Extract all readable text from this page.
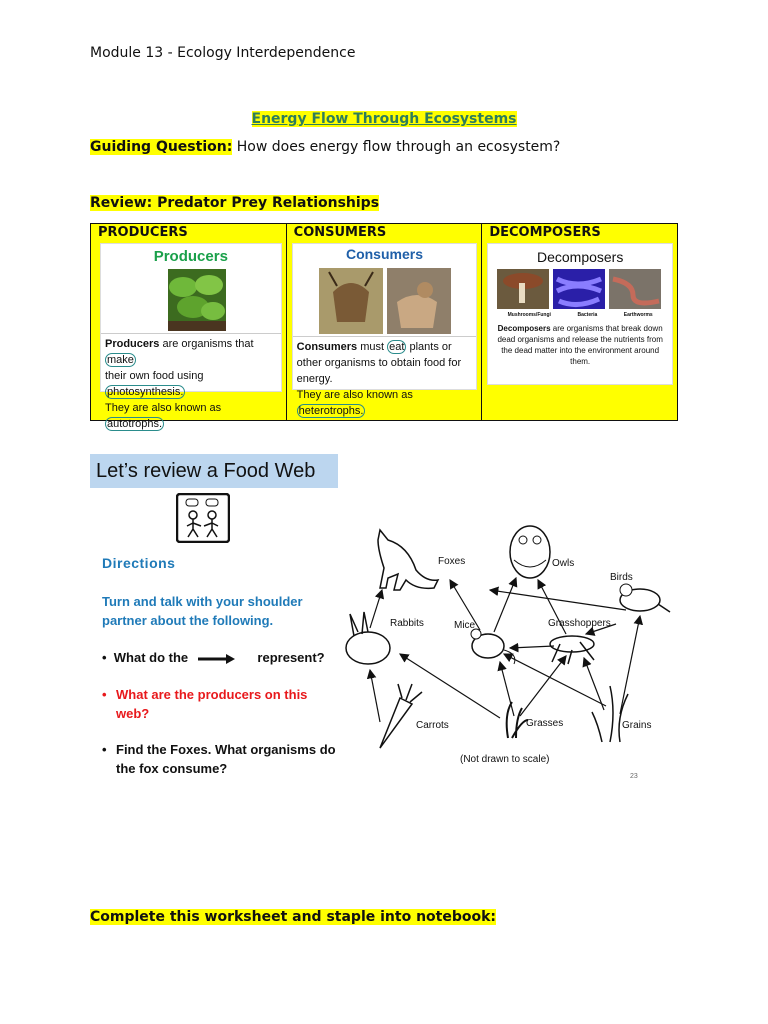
Module 13 - Ecology Interdependence
Energy Flow Through Ecosystems
Guiding Question: How does energy flow through an ecosystem?
Review: Predator Prey Relationships
PRODUCERS
Producers
Producers are organisms that make
their own food using photosynthesis.
They are also known as autotrophs.

CONSUMERS
Consumers
Consumers must eat plants or other organisms to obtain food for energy.
They are also known as heterotrophs.

DECOMPOSERS
Decomposers
Mushrooms/Fungi	Bacteria	Earthworms
Decomposers are organisms that break down dead organisms and release the nutrients from the dead matter into the environment around them.
Let’s review a Food Web
Directions
Turn and talk with your shoulder partner about the following.
•  What do the	represent?
• What are the producers on this web?
• Find the Foxes. What organisms do the fox consume?
Foxes	Owls
Birds
Rabbits	Mice	Grasshoppers
Carrots	Grasses	Grains
(Not drawn to scale)
23
Complete this worksheet and staple into notebook:
